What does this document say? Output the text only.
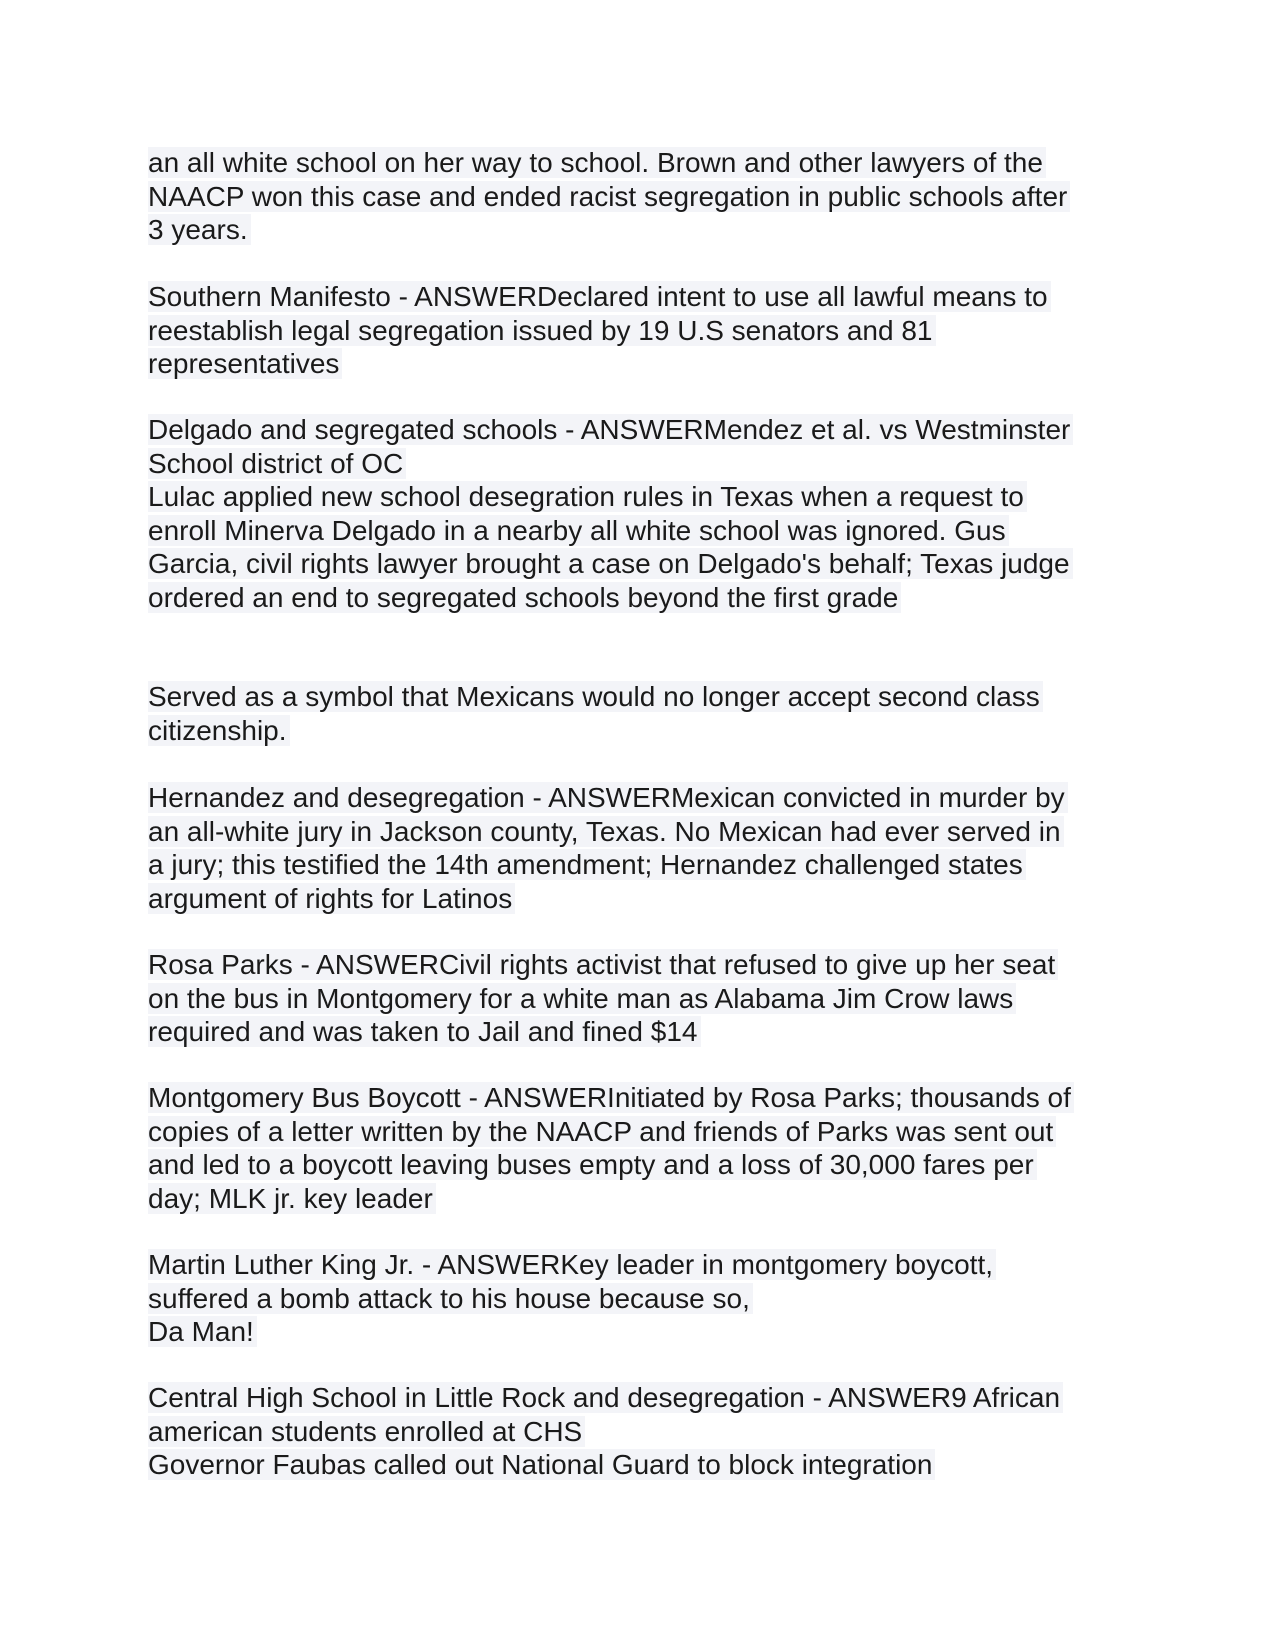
an all white school on her way to school. Brown and other lawyers of the
NAACP won this case and ended racist segregation in public schools after
3 years.
Southern Manifesto - ANSWERDeclared intent to use all lawful means to
reestablish legal segregation issued by 19 U.S senators and 81
representatives
Delgado and segregated schools - ANSWERMendez et al. vs Westminster
School district of OC
Lulac applied new school desegration rules in Texas when a request to
enroll Minerva Delgado in a nearby all white school was ignored. Gus
Garcia, civil rights lawyer brought a case on Delgado's behalf; Texas judge
ordered an end to segregated schools beyond the first grade
Served as a symbol that Mexicans would no longer accept second class
citizenship.
Hernandez and desegregation - ANSWERMexican convicted in murder by
an all-white jury in Jackson county, Texas. No Mexican had ever served in
a jury; this testified the 14th amendment; Hernandez challenged states
argument of rights for Latinos
Rosa Parks - ANSWERCivil rights activist that refused to give up her seat
on the bus in Montgomery for a white man as Alabama Jim Crow laws
required and was taken to Jail and fined $14
Montgomery Bus Boycott - ANSWERInitiated by Rosa Parks; thousands of
copies of a letter written by the NAACP and friends of Parks was sent out
and led to a boycott leaving buses empty and a loss of 30,000 fares per
day; MLK jr. key leader
Martin Luther King Jr. - ANSWERKey leader in montgomery boycott,
suffered a bomb attack to his house because so,
Da Man!
Central High School in Little Rock and desegregation - ANSWER9 African
american students enrolled at CHS
Governor Faubas called out National Guard to block integration
